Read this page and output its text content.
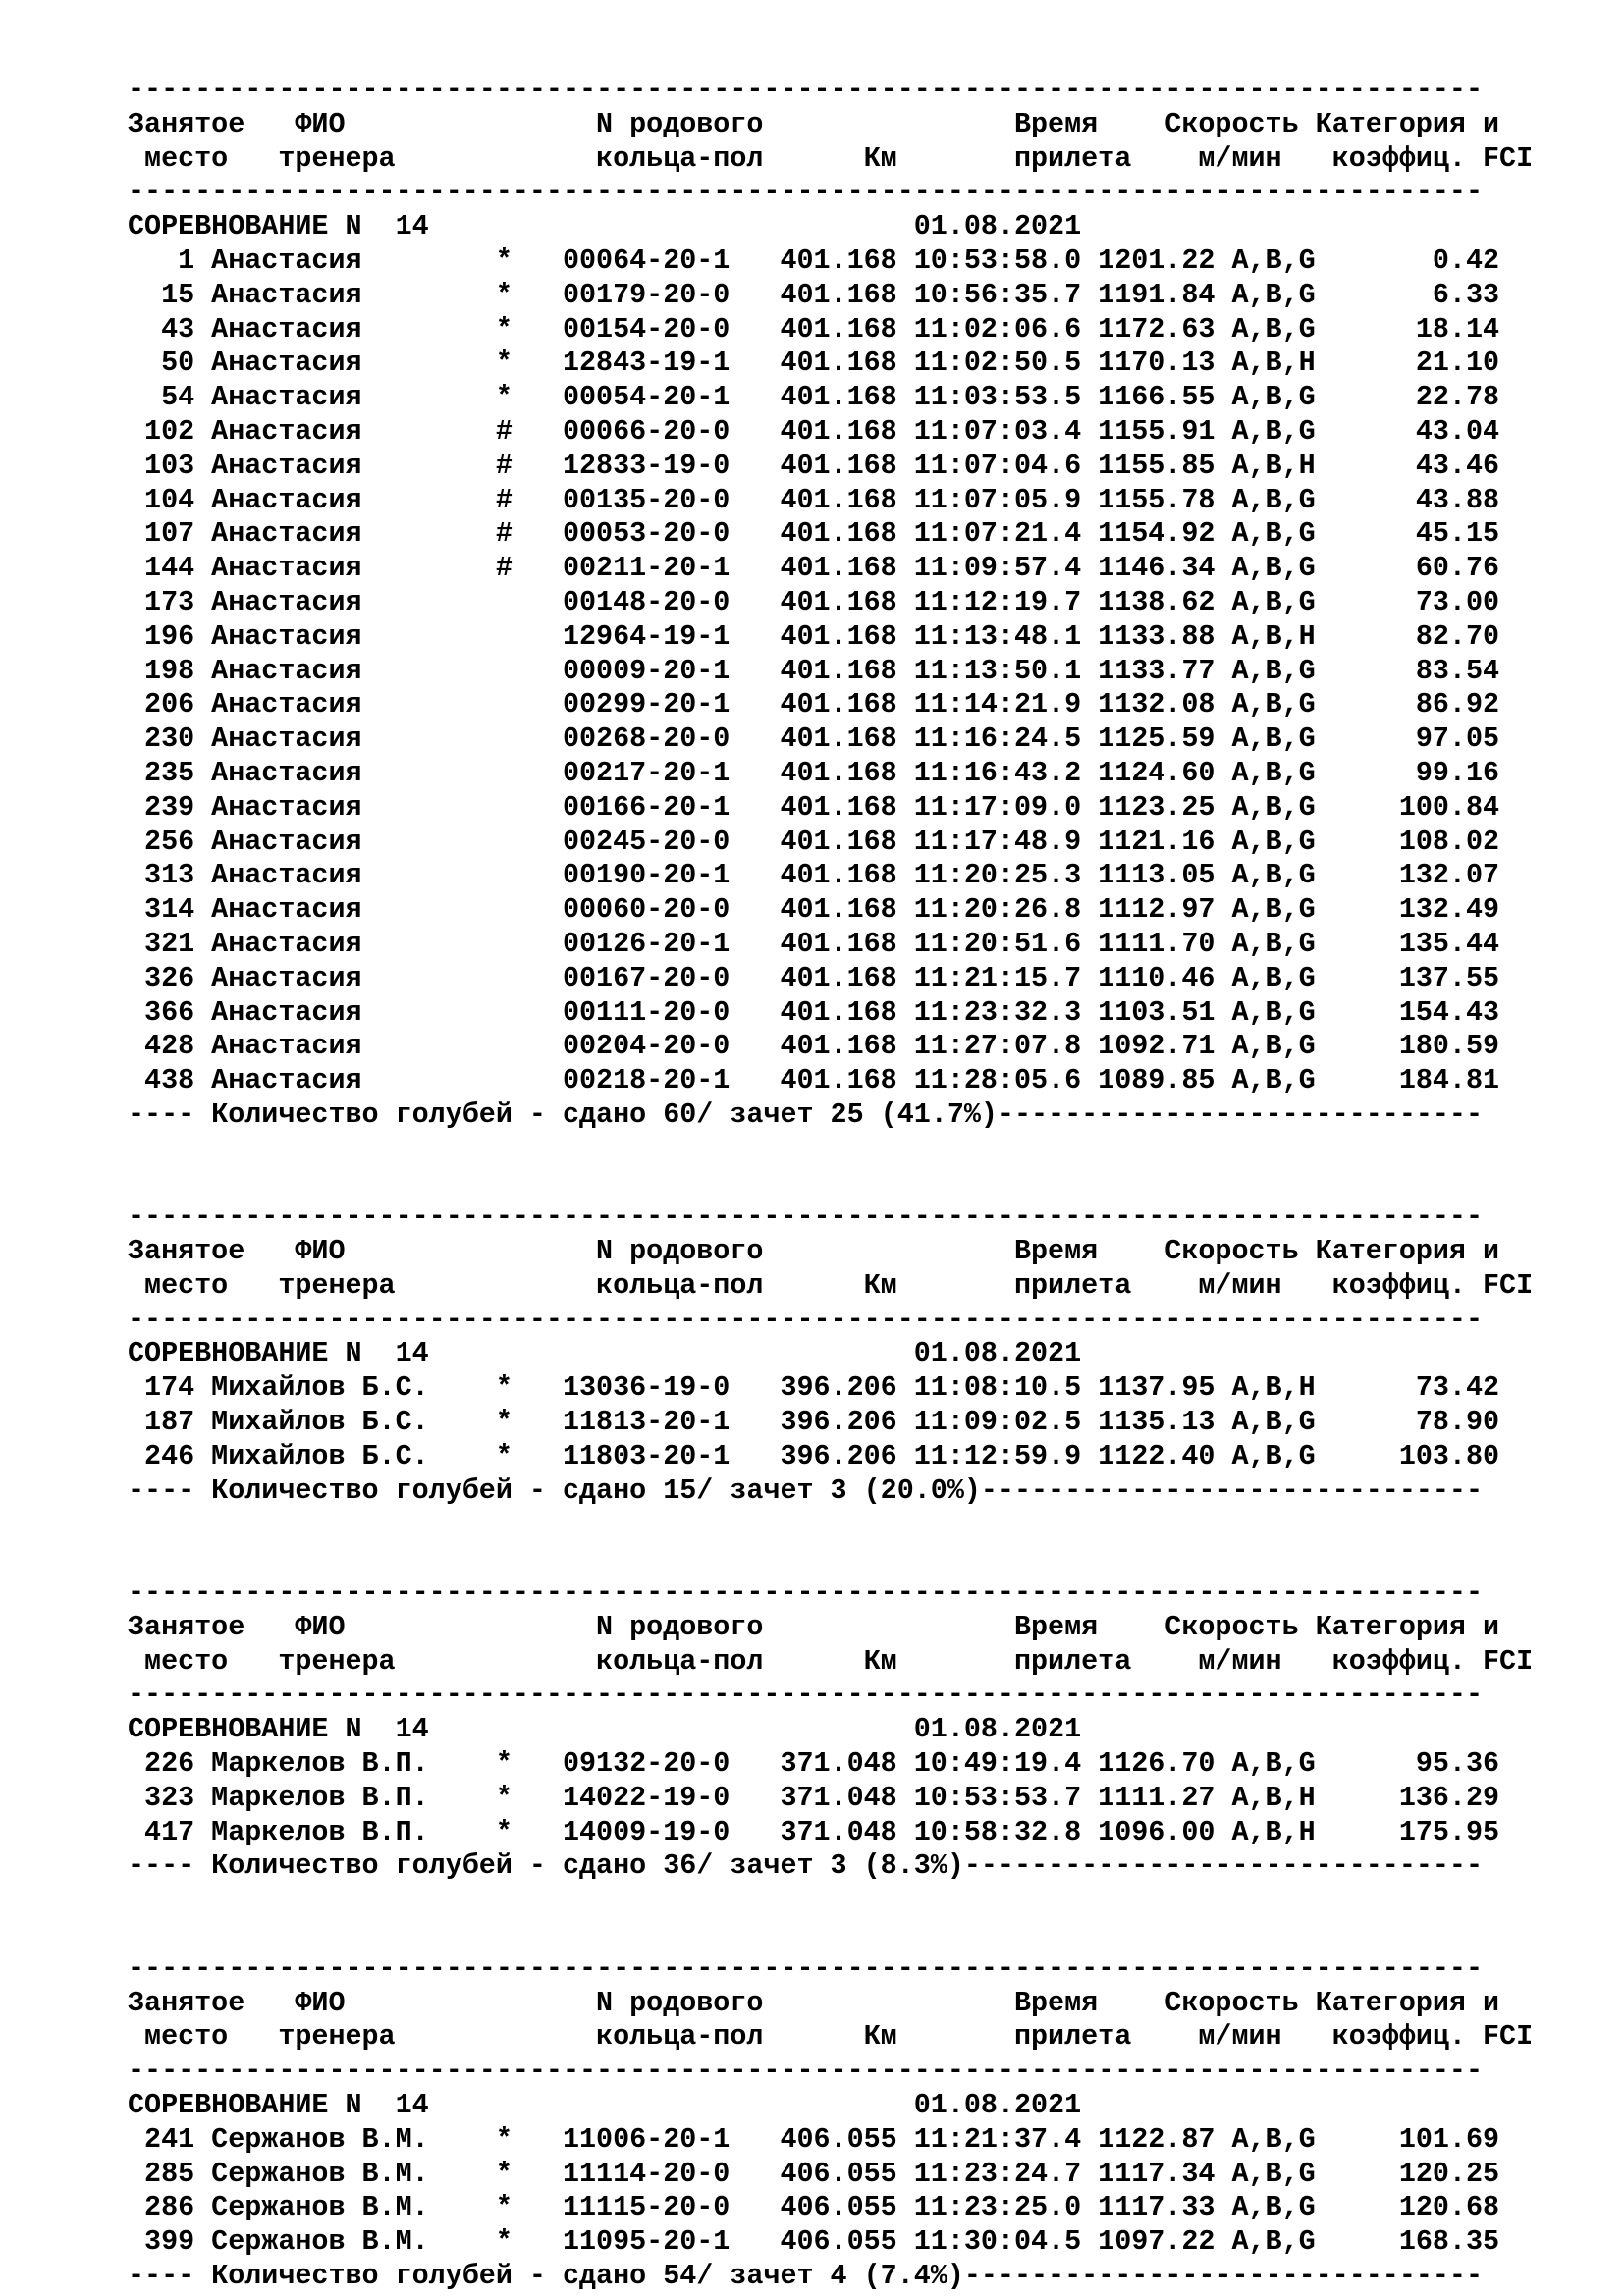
---------------------------------------------------------------------------------
Занятое   ФИО               N родового               Время    Скорость Категория и
место   тренера            кольца-пол      Км       прилета    м/мин   коэффиц. FCI
---------------------------------------------------------------------------------
СОРЕВНОВАНИЕ N  14                             01.08.2021
1 Анастасия        *   00064-20-1   401.168 10:53:58.0 1201.22 A,B,G       0.42
15 Анастасия        *   00179-20-0   401.168 10:56:35.7 1191.84 A,B,G       6.33
43 Анастасия        *   00154-20-0   401.168 11:02:06.6 1172.63 A,B,G      18.14
50 Анастасия        *   12843-19-1   401.168 11:02:50.5 1170.13 A,B,H      21.10
54 Анастасия        *   00054-20-1   401.168 11:03:53.5 1166.55 A,B,G      22.78
102 Анастасия        #   00066-20-0   401.168 11:07:03.4 1155.91 A,B,G      43.04
103 Анастасия        #   12833-19-0   401.168 11:07:04.6 1155.85 A,B,H      43.46
104 Анастасия        #   00135-20-0   401.168 11:07:05.9 1155.78 A,B,G      43.88
107 Анастасия        #   00053-20-0   401.168 11:07:21.4 1154.92 A,B,G      45.15
144 Анастасия        #   00211-20-1   401.168 11:09:57.4 1146.34 A,B,G      60.76
173 Анастасия            00148-20-0   401.168 11:12:19.7 1138.62 A,B,G      73.00
196 Анастасия            12964-19-1   401.168 11:13:48.1 1133.88 A,B,H      82.70
198 Анастасия            00009-20-1   401.168 11:13:50.1 1133.77 A,B,G      83.54
206 Анастасия            00299-20-1   401.168 11:14:21.9 1132.08 A,B,G      86.92
230 Анастасия            00268-20-0   401.168 11:16:24.5 1125.59 A,B,G      97.05
235 Анастасия            00217-20-1   401.168 11:16:43.2 1124.60 A,B,G      99.16
239 Анастасия            00166-20-1   401.168 11:17:09.0 1123.25 A,B,G     100.84
256 Анастасия            00245-20-0   401.168 11:17:48.9 1121.16 A,B,G     108.02
313 Анастасия            00190-20-1   401.168 11:20:25.3 1113.05 A,B,G     132.07
314 Анастасия            00060-20-0   401.168 11:20:26.8 1112.97 A,B,G     132.49
321 Анастасия            00126-20-1   401.168 11:20:51.6 1111.70 A,B,G     135.44
326 Анастасия            00167-20-0   401.168 11:21:15.7 1110.46 A,B,G     137.55
366 Анастасия            00111-20-0   401.168 11:23:32.3 1103.51 A,B,G     154.43
428 Анастасия            00204-20-0   401.168 11:27:07.8 1092.71 A,B,G     180.59
438 Анастасия            00218-20-1   401.168 11:28:05.6 1089.85 A,B,G     184.81
---- Количество голубей - сдано 60/ зачет 25 (41.7%)-----------------------------
---------------------------------------------------------------------------------
Занятое   ФИО               N родового               Время    Скорость Категория и
место   тренера            кольца-пол      Км       прилета    м/мин   коэффиц. FCI
---------------------------------------------------------------------------------
СОРЕВНОВАНИЕ N  14                             01.08.2021
174 Михайлов Б.С.    *   13036-19-0   396.206 11:08:10.5 1137.95 A,B,H      73.42
187 Михайлов Б.С.    *   11813-20-1   396.206 11:09:02.5 1135.13 A,B,G      78.90
246 Михайлов Б.С.    *   11803-20-1   396.206 11:12:59.9 1122.40 A,B,G     103.80
---- Количество голубей - сдано 15/ зачет 3 (20.0%)------------------------------
---------------------------------------------------------------------------------
Занятое   ФИО               N родового               Время    Скорость Категория и
место   тренера            кольца-пол      Км       прилета    м/мин   коэффиц. FCI
---------------------------------------------------------------------------------
СОРЕВНОВАНИЕ N  14                             01.08.2021
226 Маркелов В.П.    *   09132-20-0   371.048 10:49:19.4 1126.70 A,B,G      95.36
323 Маркелов В.П.    *   14022-19-0   371.048 10:53:53.7 1111.27 A,B,H     136.29
417 Маркелов В.П.    *   14009-19-0   371.048 10:58:32.8 1096.00 A,B,H     175.95
---- Количество голубей - сдано 36/ зачет 3 (8.3%)-------------------------------
---------------------------------------------------------------------------------
Занятое   ФИО               N родового               Время    Скорость Категория и
место   тренера            кольца-пол      Км       прилета    м/мин   коэффиц. FCI
---------------------------------------------------------------------------------
СОРЕВНОВАНИЕ N  14                             01.08.2021
241 Сержанов В.М.    *   11006-20-1   406.055 11:21:37.4 1122.87 A,B,G     101.69
285 Сержанов В.М.    *   11114-20-0   406.055 11:23:24.7 1117.34 A,B,G     120.25
286 Сержанов В.М.    *   11115-20-0   406.055 11:23:25.0 1117.33 A,B,G     120.68
399 Сержанов В.М.    *   11095-20-1   406.055 11:30:04.5 1097.22 A,B,G     168.35
---- Количество голубей - сдано 54/ зачет 4 (7.4%)-------------------------------
